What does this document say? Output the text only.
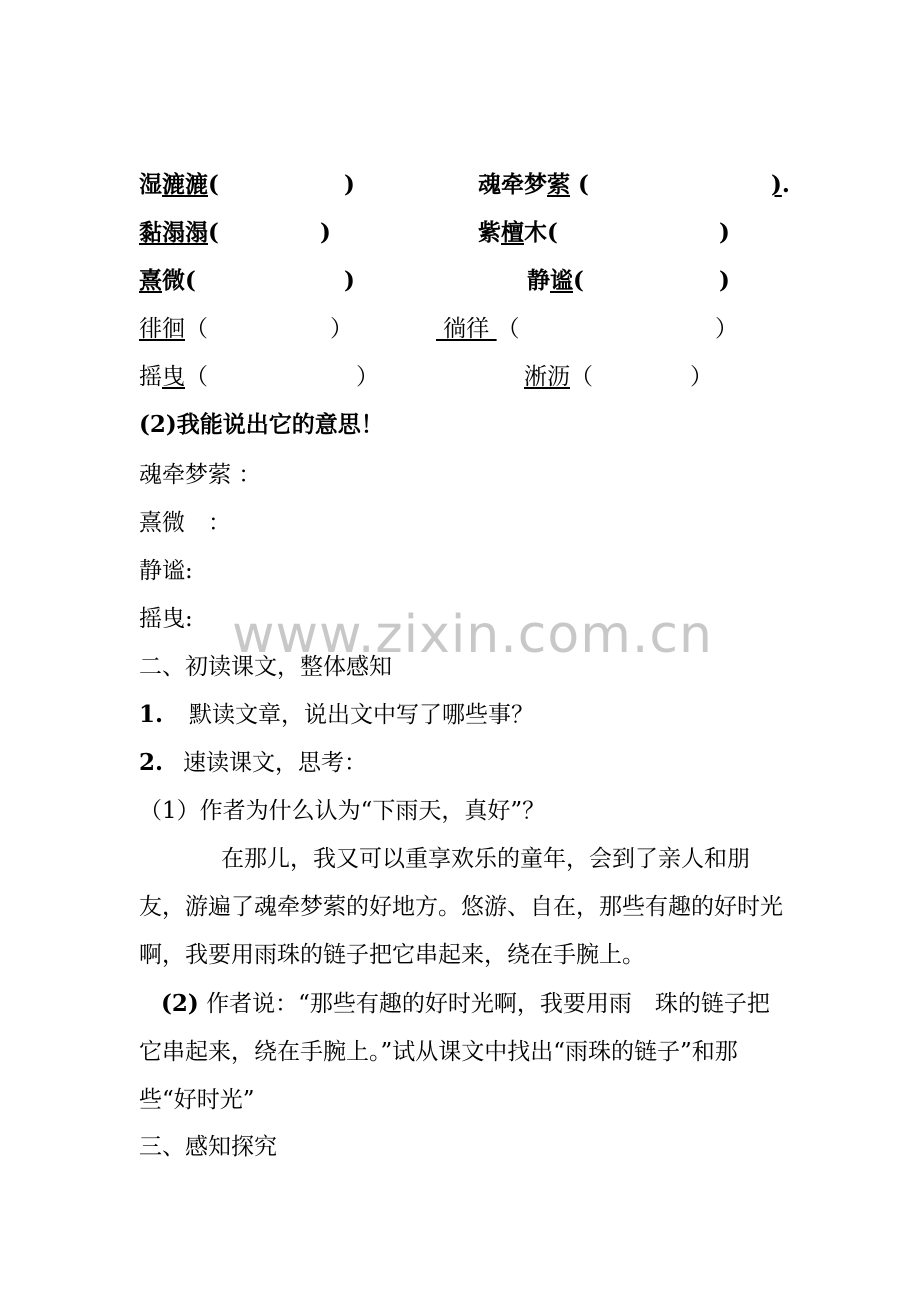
湿漉漉(	)	魂牵梦萦 (	).
黏溻溻(	)	紫檀木(	)
熹微(	)	静谧(	)
徘徊（	）	徜徉 （	）
摇曳（	）	淅沥（	）
(2)我能说出它的意思！
魂牵梦萦 ：
熹微　：
静谧:
摇曳: www.zixin.com.cn
二、初读课文，整体感知
1. 默读文章，说出文中写了哪些事？
2. 速读课文，思考：
（1）作者为什么认为“下雨天，真好”？
在那儿，我又可以重享欢乐的童年，会到了亲人和朋友，游遍了魂牵梦萦的好地方。悠游、自在，那些有趣的好时光啊，我要用雨珠的链子把它串起来，绕在手腕上。
(2) 作者说：“那些有趣的好时光啊，我要用雨　珠的链子把它串起来，绕在手腕上。”试从课文中找出“雨珠的链子”和那些“好时光”
三、感知探究
